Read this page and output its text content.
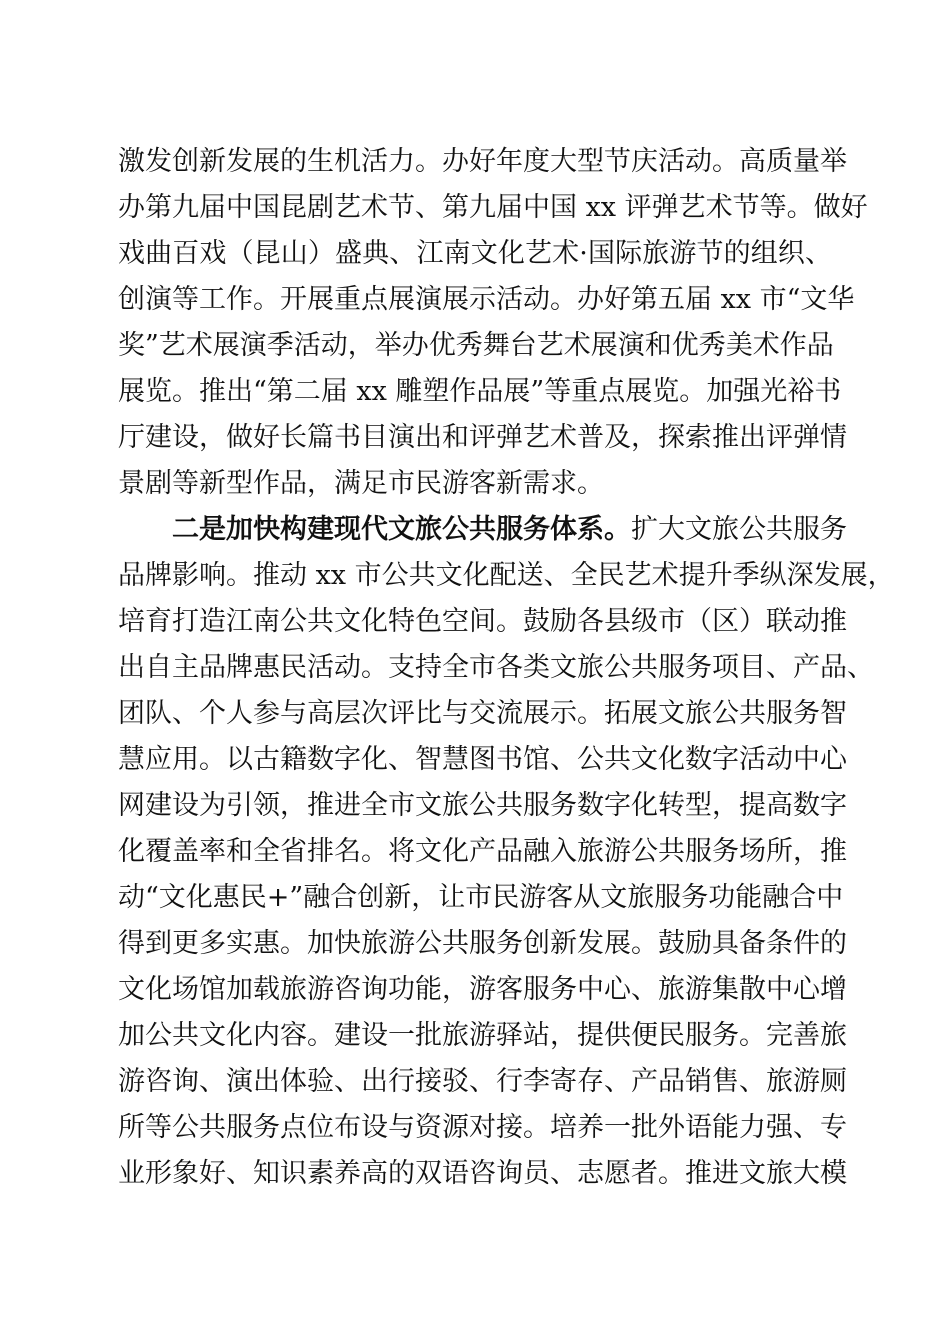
激发创新发展的生机活力。办好年度大型节庆活动。高质量举
办第九届中国昆剧艺术节、第九届中国 xx 评弹艺术节等。做好
戏曲百戏（昆山）盛典、江南文化艺术·国际旅游节的组织、
创演等工作。开展重点展演展示活动。办好第五届 xx 市“文华
奖”艺术展演季活动，举办优秀舞台艺术展演和优秀美术作品
展览。推出“第二届 xx 雕塑作品展”等重点展览。加强光裕书
厅建设，做好长篇书目演出和评弹艺术普及，探索推出评弹情
景剧等新型作品，满足市民游客新需求。
二是加快构建现代文旅公共服务体系。扩大文旅公共服务
品牌影响。推动 xx 市公共文化配送、全民艺术提升季纵深发展，
培育打造江南公共文化特色空间。鼓励各县级市（区）联动推
出自主品牌惠民活动。支持全市各类文旅公共服务项目、产品、
团队、个人参与高层次评比与交流展示。拓展文旅公共服务智
慧应用。以古籍数字化、智慧图书馆、公共文化数字活动中心
网建设为引领，推进全市文旅公共服务数字化转型，提高数字
化覆盖率和全省排名。将文化产品融入旅游公共服务场所，推
动“文化惠民+”融合创新，让市民游客从文旅服务功能融合中
得到更多实惠。加快旅游公共服务创新发展。鼓励具备条件的
文化场馆加载旅游咨询功能，游客服务中心、旅游集散中心增
加公共文化内容。建设一批旅游驿站，提供便民服务。完善旅
游咨询、演出体验、出行接驳、行李寄存、产品销售、旅游厕
所等公共服务点位布设与资源对接。培养一批外语能力强、专
业形象好、知识素养高的双语咨询员、志愿者。推进文旅大模
